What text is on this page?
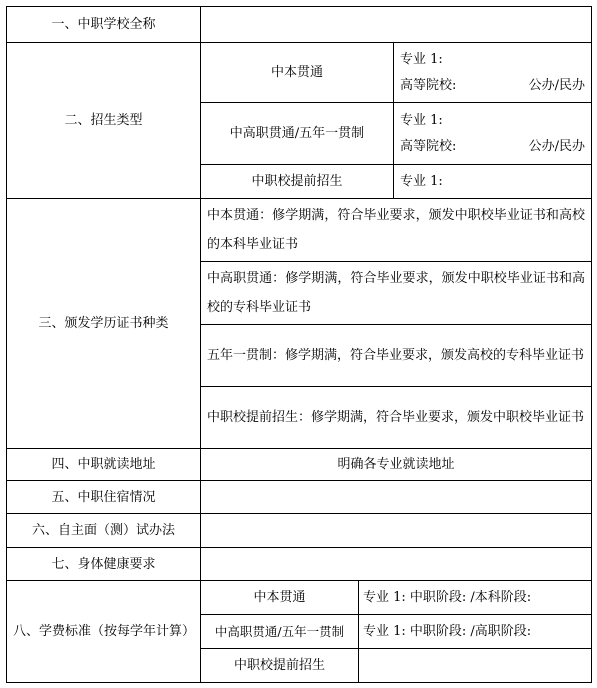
一、中职学校全称			
二、招生类型	中本贯通		专业 1:
高等院校: 公办/民办

	中高职贯通/五年一贯制		专业 1:
高等院校: 公办/民办

	中职校提前招生		专业 1:
三、颁发学历证书种类	中本贯通：修学期满，符合毕业要求，颁发中职校毕业证书和高校的本科毕业证书		
	中高职贯通：修学期满，符合毕业要求，颁发中职校毕业证书和高校的专科毕业证书		
	五年一贯制：修学期满，符合毕业要求，颁发高校的专科毕业证书		
	中职校提前招生：修学期满，符合毕业要求，颁发中职校毕业证书		
四、中职就读地址	明确各专业就读地址		
五、中职住宿情况			
六、自主面（测）试办法			
七、身体健康要求			
八、学费标准（按每学年计算）	中本贯通	专业 1: 中职阶段: /本科阶段:	
	中高职贯通/五年一贯制	专业 1: 中职阶段: /高职阶段:	
	中职校提前招生		
